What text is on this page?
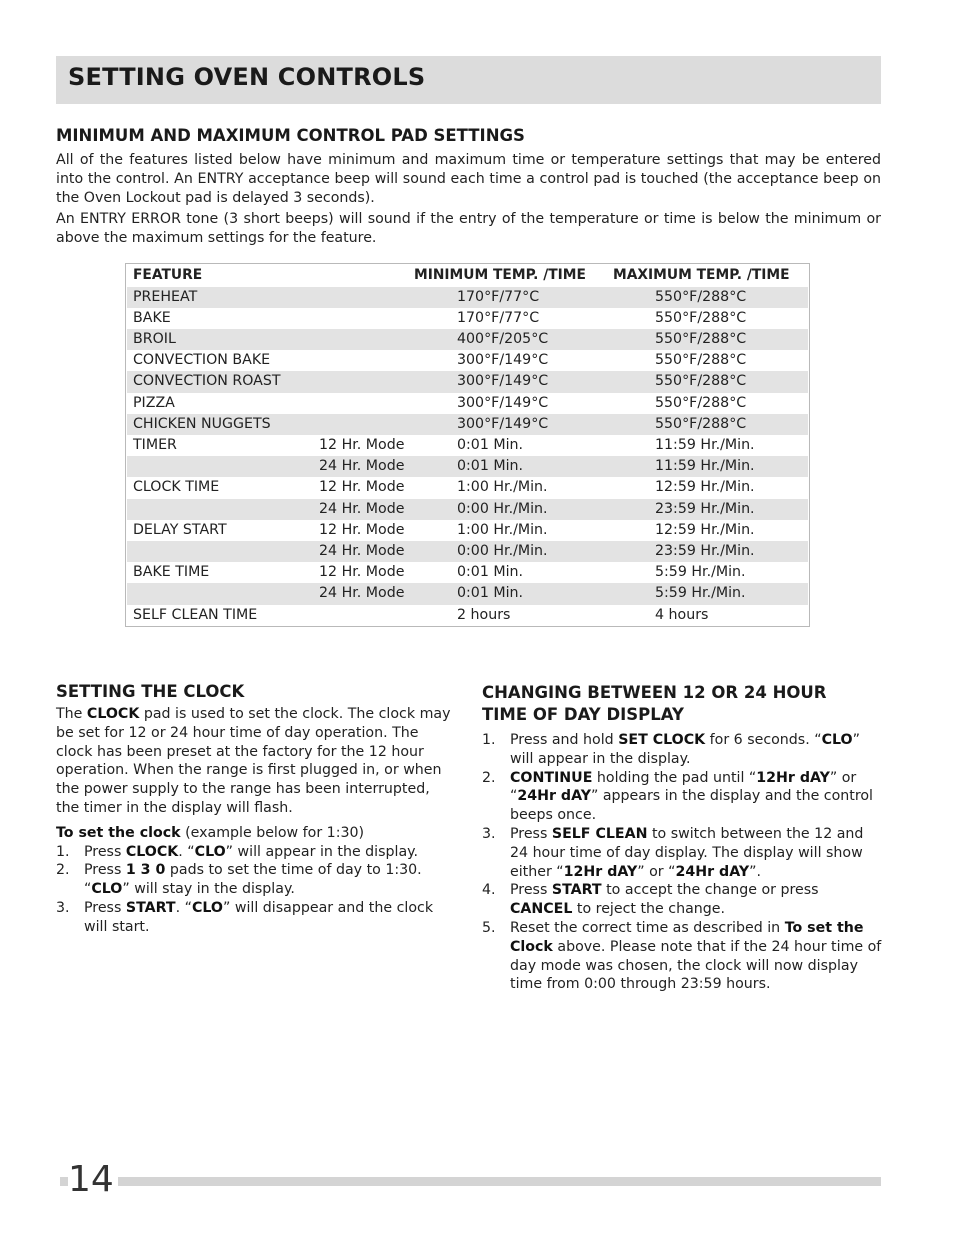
SETTING OVEN CONTROLS
MINIMUM AND MAXIMUM CONTROL PAD SETTINGS

All of the features listed below have minimum and maximum time or temperature settings that may be entered into the control. An ENTRY acceptance beep will sound each time a control pad is touched (the acceptance beep on the Oven Lockout pad is delayed 3 seconds).

An ENTRY ERROR tone (3 short beeps) will sound if the entry of the temperature or time is below the minimum or above the maximum settings for the feature.

FEATURE	MINIMUM TEMP. /TIME MAXIMUM TEMP. /TIME
PREHEAT	170°F/77°C	550°F/288°C
BAKE	170°F/77°C	550°F/288°C
BROIL	400°F/205°C	550°F/288°C
CONVECTION BAKE	300°F/149°C	550°F/288°C
CONVECTION ROAST	300°F/149°C	550°F/288°C
PIZZA	300°F/149°C	550°F/288°C
CHICKEN NUGGETS	300°F/149°C	550°F/288°C
TIMER	12 Hr. Mode	0:01 Min.	11:59 Hr./Min.
24 Hr. Mode	0:01 Min.	11:59 Hr./Min.
CLOCK TIME	12 Hr. Mode	1:00 Hr./Min.	12:59 Hr./Min.
24 Hr. Mode	0:00 Hr./Min.	23:59 Hr./Min.
DELAY START	12 Hr. Mode	1:00 Hr./Min.	12:59 Hr./Min.
24 Hr. Mode	0:00 Hr./Min.	23:59 Hr./Min.
BAKE TIME	12 Hr. Mode	0:01 Min.	5:59 Hr./Min.
24 Hr. Mode	0:01 Min.	5:59 Hr./Min.
SELF CLEAN TIME	2 hours	4 hours
SETTING THE CLOCK

The CLOCK pad is used to set the clock. The clock may be set for 12 or 24 hour time of day operation. The clock has been preset at the factory for the 12 hour operation. When the range is first plugged in, or when the power supply to the range has been interrupted, the timer in the display will flash.

To set the clock (example below for 1:30)

1. Press CLOCK. “CLO” will appear in the display.
2. Press 1 3 0 pads to set the time of day to 1:30. “CLO” will stay in the display.
3. Press START. “CLO” will disappear and the clock will start.
CHANGING BETWEEN 12 OR 24 HOUR
TIME OF DAY DISPLAY
1. Press and hold SET CLOCK for 6 seconds. “CLO” will appear in the display.
2. CONTINUE holding the pad until “12Hr dAY” or “24Hr dAY” appears in the display and the control beeps once.
3. Press SELF CLEAN to switch between the 12 and 24 hour time of day display. The display will show either “12Hr dAY” or “24Hr dAY”.
4. Press START to accept the change or press CANCEL to reject the change.
5. Reset the correct time as described in To set the Clock above. Please note that if the 24 hour time of day mode was chosen, the clock will now display time from 0:00 through 23:59 hours.

14
